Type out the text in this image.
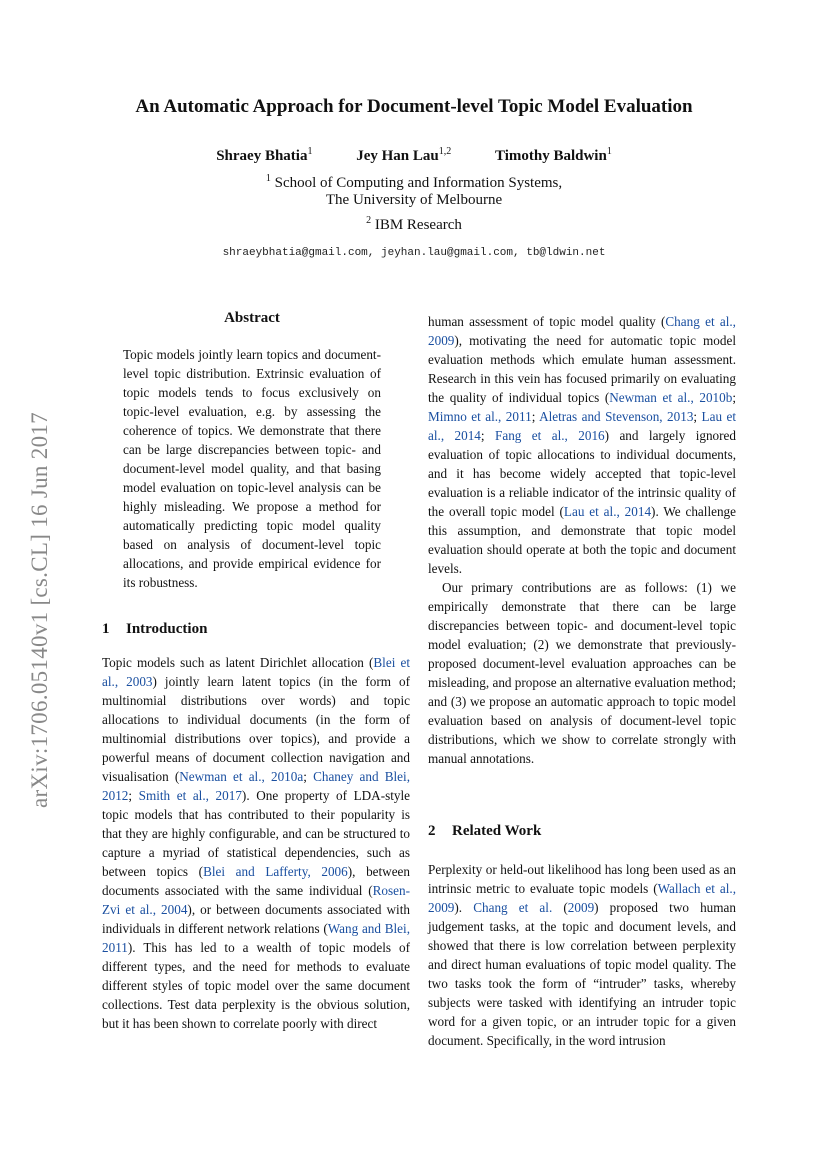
arXiv:1706.05140v1 [cs.CL] 16 Jun 2017
An Automatic Approach for Document-level Topic Model Evaluation
Shraey Bhatia$^1$	Jey Han Lau$^{1,2}$	Timothy Baldwin$^1$
$^1$ School of Computing and Information Systems,
The University of Melbourne
$^2$ IBM Research
shraeybhatia@gmail.com, jeyhan.lau@gmail.com, tb@ldwin.net
Abstract
Topic models jointly learn topics and document-level topic distribution. Extrinsic evaluation of topic models tends to focus exclusively on topic-level evaluation, e.g. by assessing the coherence of topics. We demonstrate that there can be large discrepancies between topic- and document-level model quality, and that basing model evaluation on topic-level analysis can be highly misleading. We propose a method for automatically predicting topic model quality based on analysis of document-level topic allocations, and provide empirical evidence for its robustness.
1 Introduction

Topic models such as latent Dirichlet allocation (Blei et al., 2003) jointly learn latent topics (in the form of multinomial distributions over words) and topic allocations to individual documents (in the form of multinomial distributions over topics), and provide a powerful means of document collection navigation and visualisation (Newman et al., 2010a; Chaney and Blei, 2012; Smith et al., 2017). One property of LDA-style topic models that has contributed to their popularity is that they are highly configurable, and can be structured to capture a myriad of statistical dependencies, such as between topics (Blei and Lafferty, 2006), between documents associated with the same individual (Rosen-Zvi et al., 2004), or between documents associated with individuals in different network relations (Wang and Blei, 2011). This has led to a wealth of topic models of different types, and the need for methods to evaluate different styles of topic model over the same document collections. Test data perplexity is the obvious solution, but it has been shown to correlate poorly with direct

human assessment of topic model quality (Chang et al., 2009), motivating the need for automatic topic model evaluation methods which emulate human assessment. Research in this vein has focused primarily on evaluating the quality of individual topics (Newman et al., 2010b; Mimno et al., 2011; Aletras and Stevenson, 2013; Lau et al., 2014; Fang et al., 2016) and largely ignored evaluation of topic allocations to individual documents, and it has become widely accepted that topic-level evaluation is a reliable indicator of the intrinsic quality of the overall topic model (Lau et al., 2014). We challenge this assumption, and demonstrate that topic model evaluation should operate at both the topic and document levels.

Our primary contributions are as follows: (1) we empirically demonstrate that there can be large discrepancies between topic- and document-level topic model evaluation; (2) we demonstrate that previously-proposed document-level evaluation approaches can be misleading, and propose an alternative evaluation method; and (3) we propose an automatic approach to topic model evaluation based on analysis of document-level topic distributions, which we show to correlate strongly with manual annotations.

2 Related Work

Perplexity or held-out likelihood has long been used as an intrinsic metric to evaluate topic models (Wallach et al., 2009). Chang et al. (2009) proposed two human judgement tasks, at the topic and document levels, and showed that there is low correlation between perplexity and direct human evaluations of topic model quality. The two tasks took the form of “intruder” tasks, whereby subjects were tasked with identifying an intruder topic word for a given topic, or an intruder topic for a given document. Specifically, in the word intrusion
